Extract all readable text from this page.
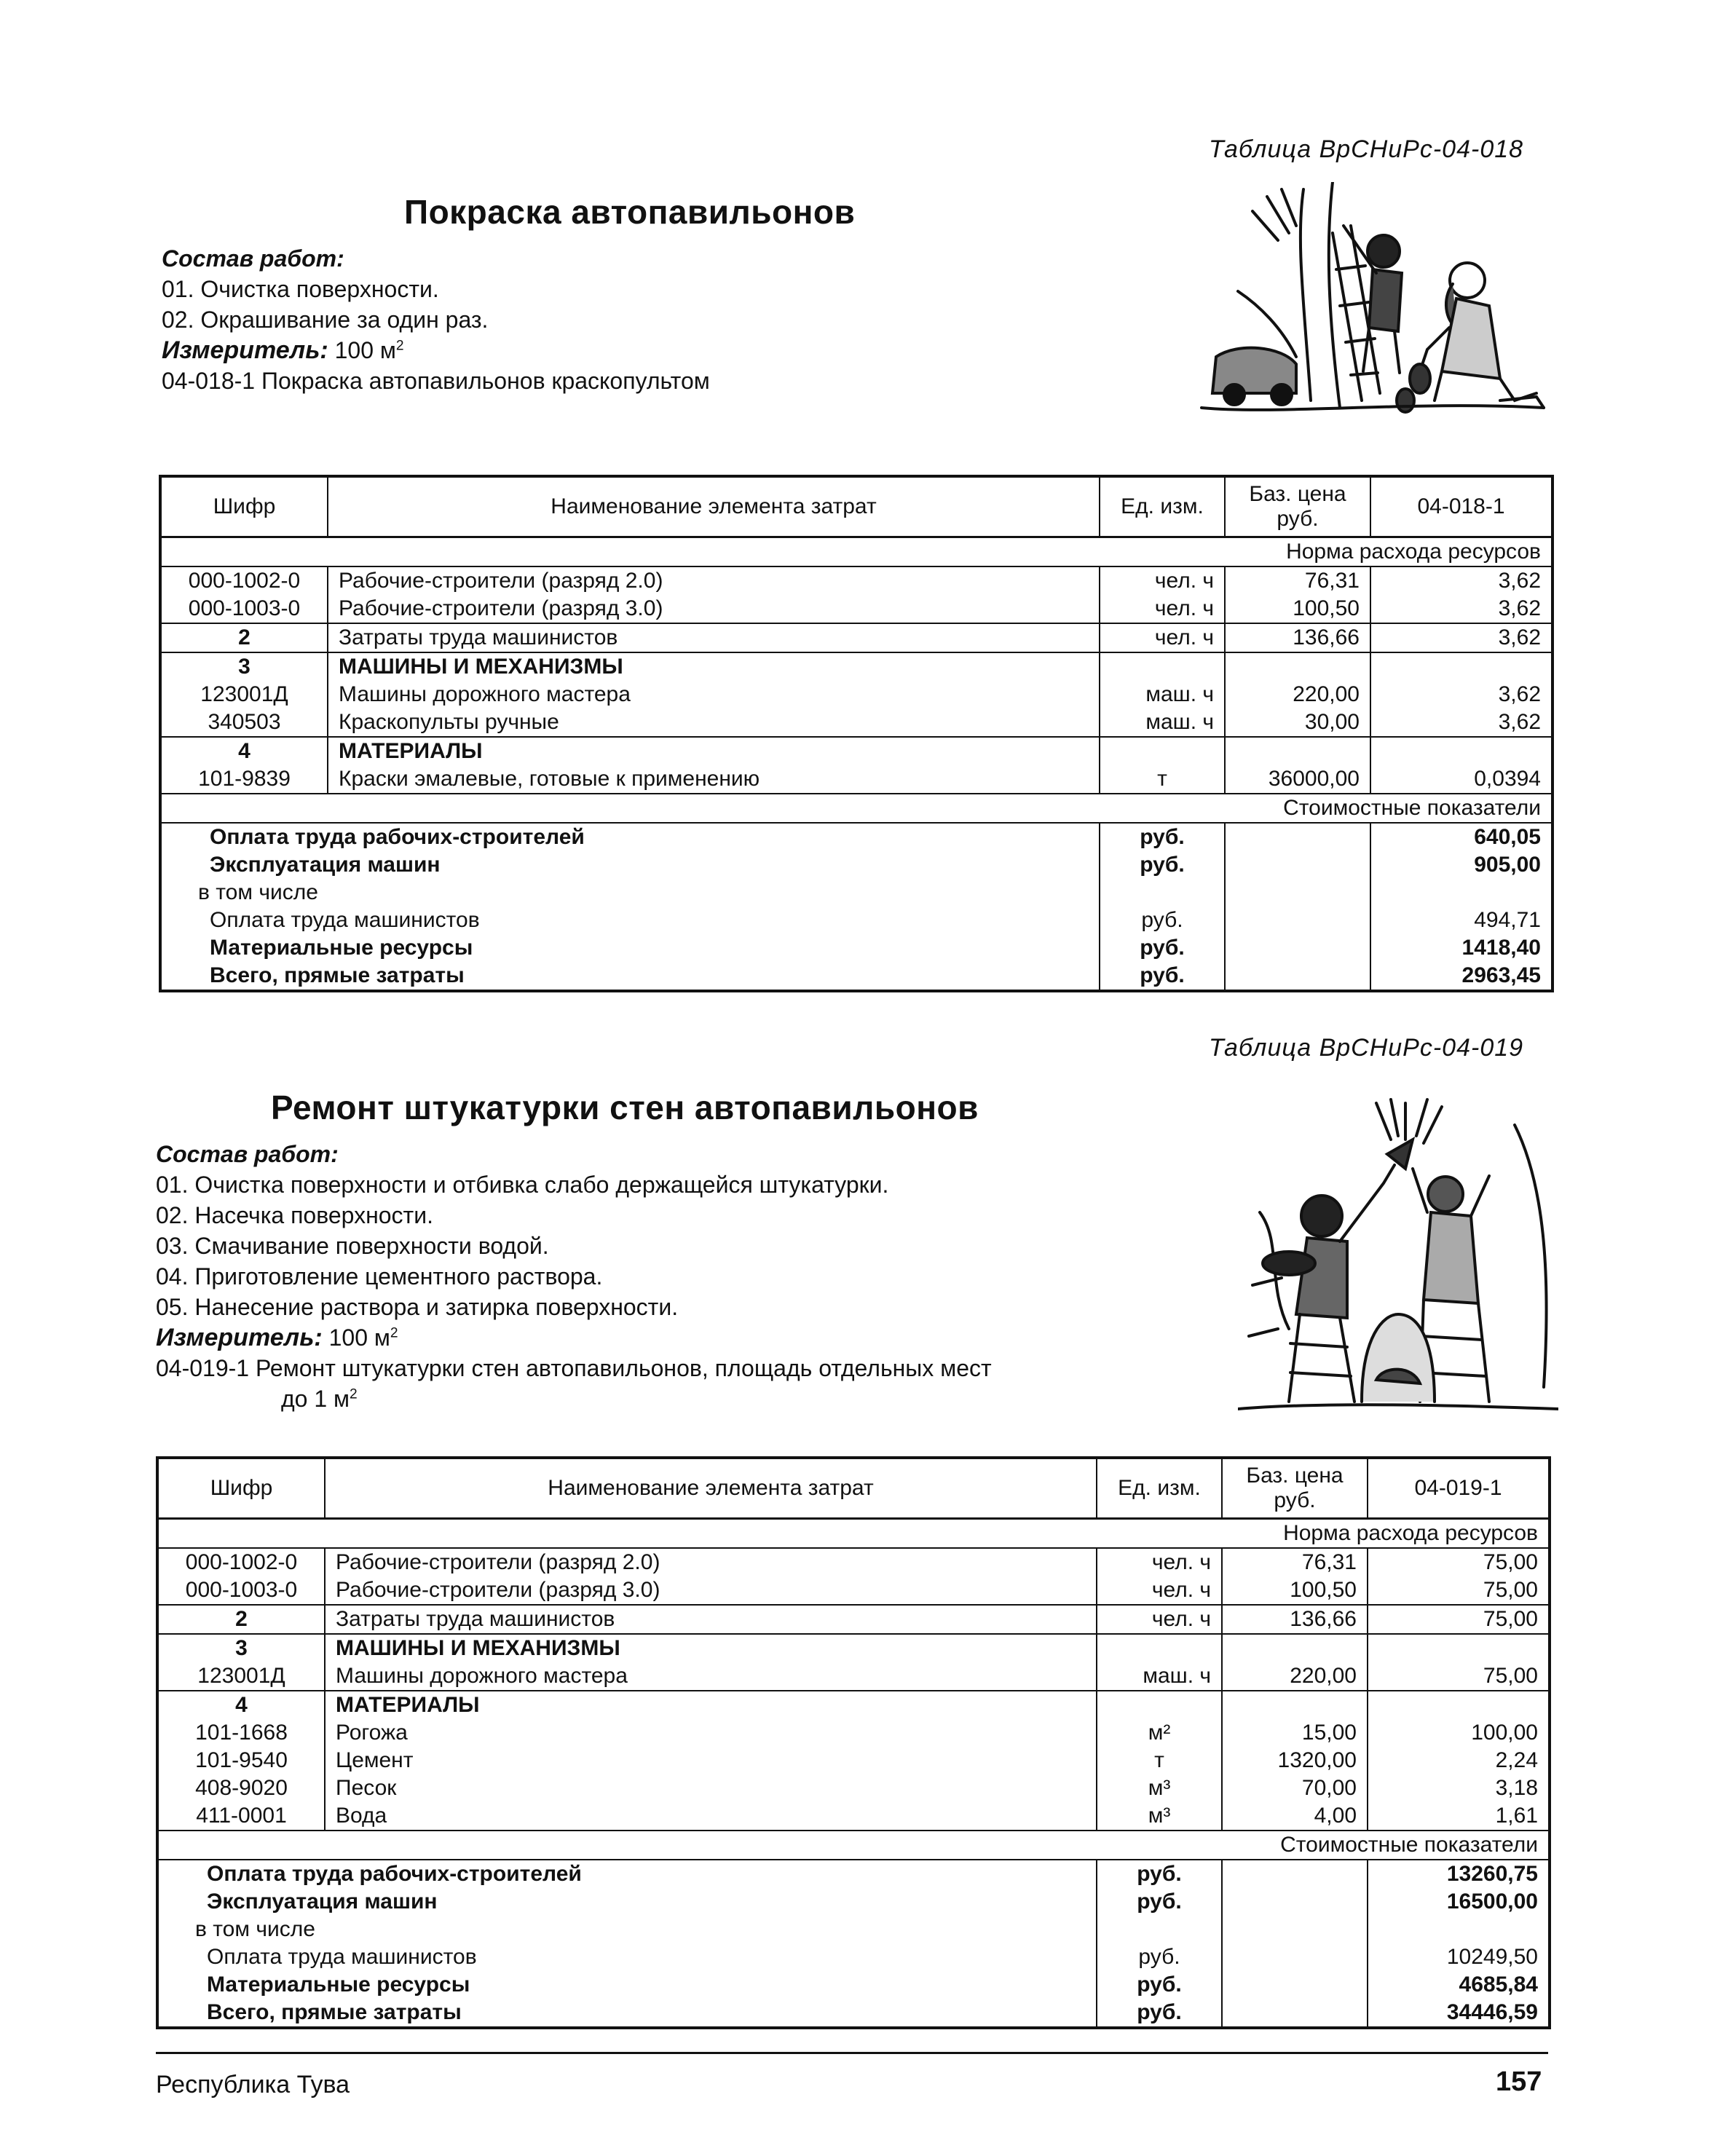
Таблица ВрСНиРс-04-018
Покраска автопавильонов
Состав работ:
01. Очистка поверхности.
02. Окрашивание за один раз.
Измеритель: 100 $м^2$
04-018-1 Покраска автопавильонов краскопультом
Шифр	Наименование элемента затрат	Ед. изм.	Баз. цена руб.	04-018-1
Норма расхода ресурсов				
000-1002-0	Рабочие-строители (разряд 2.0)	чел. ч	76,31	3,62
000-1003-0	Рабочие-строители (разряд 3.0)	чел. ч	100,50	3,62
2	Затраты труда машинистов	чел. ч	136,66	3,62
3	МАШИНЫ И МЕХАНИЗМЫ			
123001Д	Машины дорожного мастера	маш. ч	220,00	3,62
340503	Краскопульты ручные	маш. ч	30,00	3,62
4	МАТЕРИАЛЫ			
101-9839	Краски эмалевые, готовые к применению	т	36000,00	0,0394
Стоимостные показатели				
Оплата труда рабочих-строителей		руб.		640,05
Эксплуатация машин		руб.		905,00
в том числе				
Оплата труда машинистов		руб.		494,71
Материальные ресурсы		руб.		1418,40
Всего, прямые затраты		руб.		2963,45
Таблица ВрСНиРс-04-019
Ремонт штукатурки стен автопавильонов
Состав работ:
01. Очистка поверхности и отбивка слабо держащейся штукатурки.
02. Насечка поверхности.
03. Смачивание поверхности водой.
04. Приготовление цементного раствора.
05. Нанесение раствора и затирка поверхности.
Измеритель: 100 $м^2$
04-019-1 Ремонт штукатурки стен автопавильонов, площадь отдельных мест
до 1 $м^2$
Шифр	Наименование элемента затрат	Ед. изм.	Баз. цена руб.	04-019-1
Норма расхода ресурсов				
000-1002-0	Рабочие-строители (разряд 2.0)	чел. ч	76,31	75,00
000-1003-0	Рабочие-строители (разряд 3.0)	чел. ч	100,50	75,00
2	Затраты труда машинистов	чел. ч	136,66	75,00
3	МАШИНЫ И МЕХАНИЗМЫ			
123001Д	Машины дорожного мастера	маш. ч	220,00	75,00
4	МАТЕРИАЛЫ			
101-1668	Рогожа	м²	15,00	100,00
101-9540	Цемент	т	1320,00	2,24
408-9020	Песок	м³	70,00	3,18
411-0001	Вода	м³	4,00	1,61
Стоимостные показатели				
Оплата труда рабочих-строителей		руб.		13260,75
Эксплуатация машин		руб.		16500,00
в том числе				
Оплата труда машинистов		руб.		10249,50
Материальные ресурсы		руб.		4685,84
Всего, прямые затраты		руб.		34446,59
Республика Тува	157
